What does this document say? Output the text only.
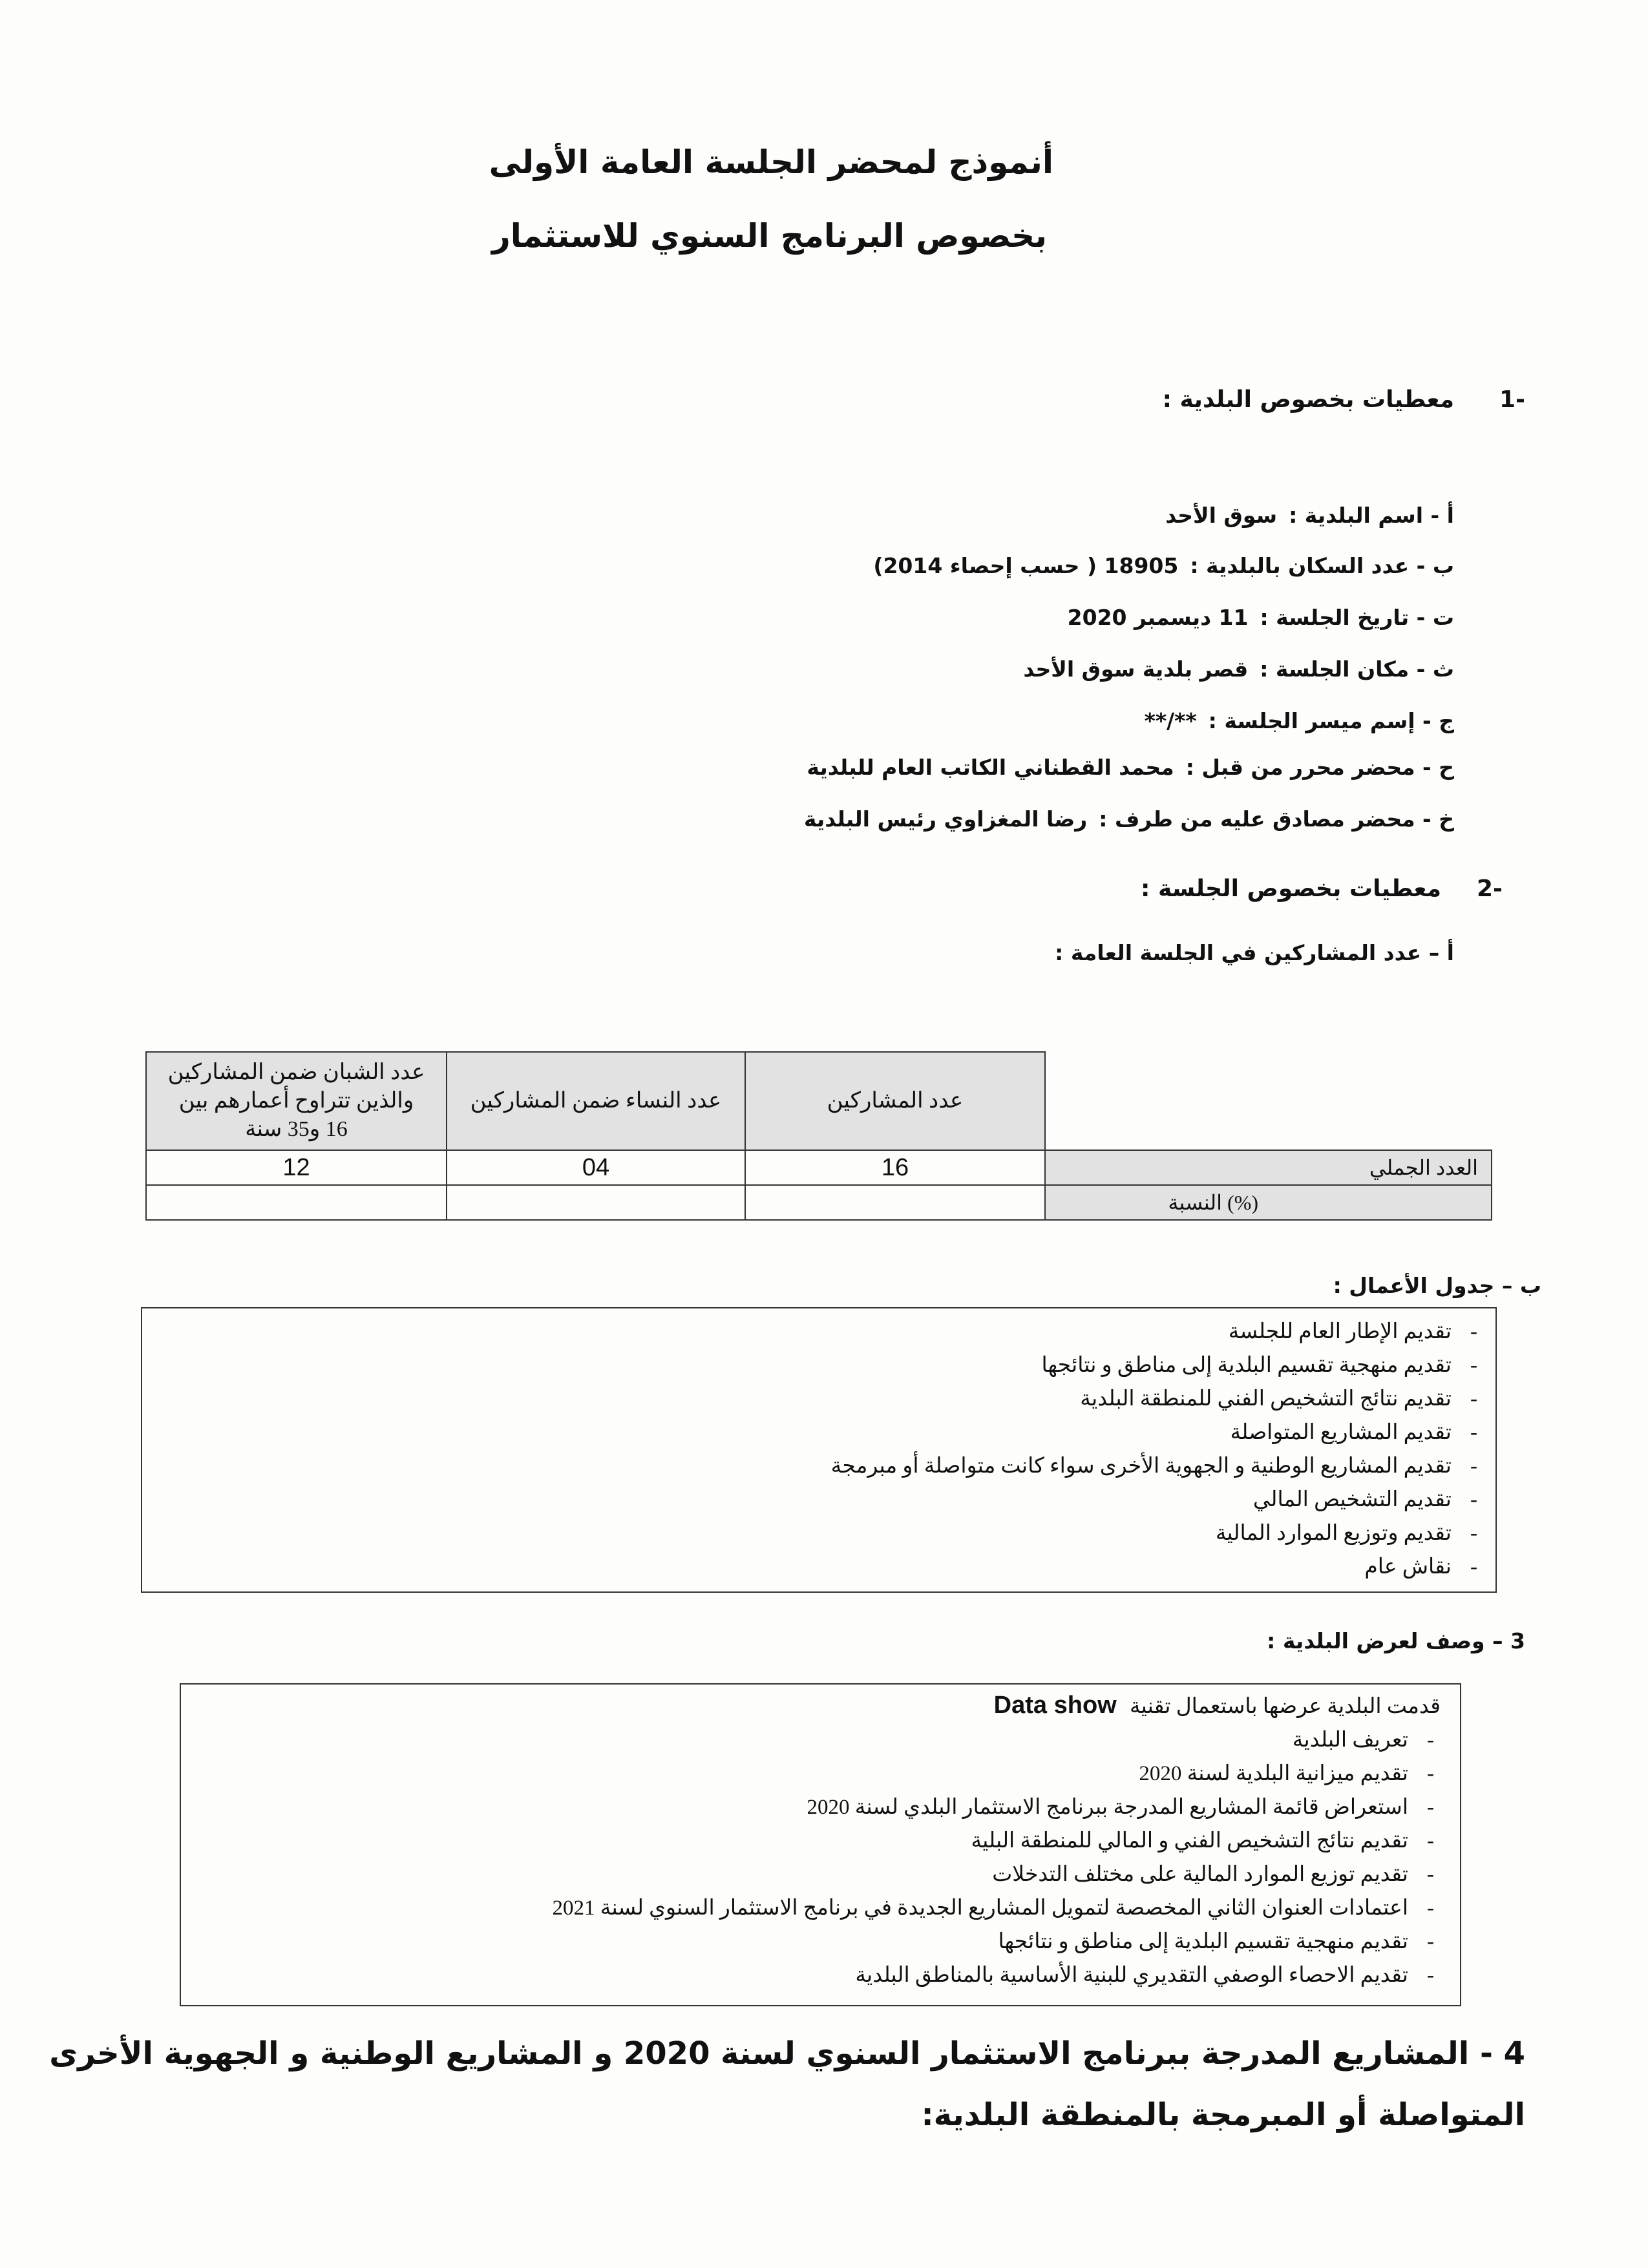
أنموذج لمحضر الجلسة العامة الأولى
بخصوص البرنامج السنوي للاستثمار
-1
معطيات بخصوص البلدية :
أ - اسم البلدية :سوق الأحد
ب - عدد السكان بالبلدية :18905 ( حسب إحصاء 2014)
ت - تاريخ الجلسة :11 ديسمبر 2020
ث - مكان الجلسة :قصر بلدية سوق الأحد
ج - إسم ميسر الجلسة :**/**
ح - محضر محرر من قبل :محمد القطناني الكاتب العام للبلدية
خ - محضر مصادق عليه من طرف :رضا المغزاوي رئيس البلدية
-2
معطيات بخصوص الجلسة :
أ – عدد المشاركين في الجلسة العامة :
عدد الشبان ضمن المشاركين
والذين تتراوح أعمارهم بين
16 و35 سنة	عدد النساء ضمن المشاركين	عدد المشاركين	

12	04	16	العدد الجملي
			النسبة (%)
ب – جدول الأعمال :
-تقديم الإطار العام للجلسة
-تقديم منهجية تقسيم البلدية إلى مناطق و نتائجها
-تقديم نتائج التشخيص الفني للمنطقة البلدية
-تقديم المشاريع المتواصلة
-تقديم المشاريع الوطنية و الجهوية الأخرى سواء كانت متواصلة أو مبرمجة
-تقديم التشخيص المالي
-تقديم وتوزيع الموارد المالية
-نقاش عام
3 – وصف لعرض البلدية :
قدمت البلدية عرضها باستعمال تقنية Data show
-تعريف البلدية
-تقديم ميزانية البلدية لسنة 2020
-استعراض قائمة المشاريع المدرجة ببرنامج الاستثمار البلدي لسنة 2020
-تقديم نتائج التشخيص الفني و المالي للمنطقة البلية
-تقديم توزيع الموارد المالية على مختلف التدخلات
-اعتمادات العنوان الثاني المخصصة لتمويل المشاريع الجديدة في برنامج الاستثمار السنوي لسنة 2021
-تقديم منهجية تقسيم البلدية إلى مناطق و نتائجها
-تقديم الاحصاء الوصفي التقديري للبنية الأساسية بالمناطق البلدية
4 - المشاريع المدرجة ببرنامج الاستثمار السنوي لسنة 2020 و المشاريع الوطنية و الجهوية الأخرى
المتواصلة أو المبرمجة بالمنطقة البلدية:
